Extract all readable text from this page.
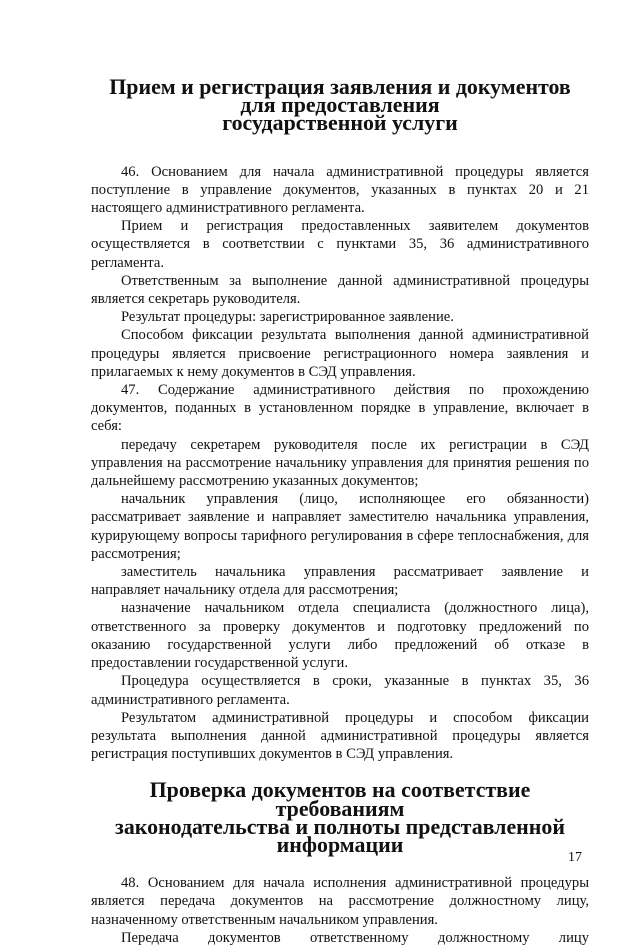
Прием и регистрация заявления и документов для предоставления
государственной услуги

46. Основанием для начала административной процедуры является поступление в управление документов, указанных в пунктах 20 и 21 настоящего административного регламента.

Прием и регистрация предоставленных заявителем документов осуществляется в соответствии с пунктами 35, 36 административного регламента.

Ответственным за выполнение данной административной процедуры является секретарь руководителя.

Результат процедуры: зарегистрированное заявление.

Способом фиксации результата выполнения данной административной процедуры является присвоение регистрационного номера заявления и прилагаемых к нему документов в СЭД управления.

47. Содержание административного действия по прохождению документов, поданных в установленном порядке в управление, включает в себя:

передачу секретарем руководителя после их регистрации в СЭД управления на рассмотрение начальнику управления для принятия решения по дальнейшему рассмотрению указанных документов;

начальник управления (лицо, исполняющее его обязанности) рассматривает заявление и направляет заместителю начальника управления, курирующему вопросы тарифного регулирования в сфере теплоснабжения, для рассмотрения;

заместитель начальника управления рассматривает заявление и направляет начальнику отдела для рассмотрения;

назначение начальником отдела специалиста (должностного лица), ответственного за проверку документов и подготовку предложений по оказанию государственной услуги либо предложений об отказе в предоставлении государственной услуги.

Процедура осуществляется в сроки, указанные в пунктах 35, 36 административного регламента.

Результатом административной процедуры и способом фиксации результата выполнения данной административной процедуры является регистрация поступивших документов в СЭД управления.

Проверка документов на соответствие требованиям
законодательства и полноты представленной информации

48. Основанием для начала исполнения административной процедуры является передача документов на рассмотрение должностному лицу, назначенному ответственным начальником управления.

Передача документов ответственному должностному лицу

17
